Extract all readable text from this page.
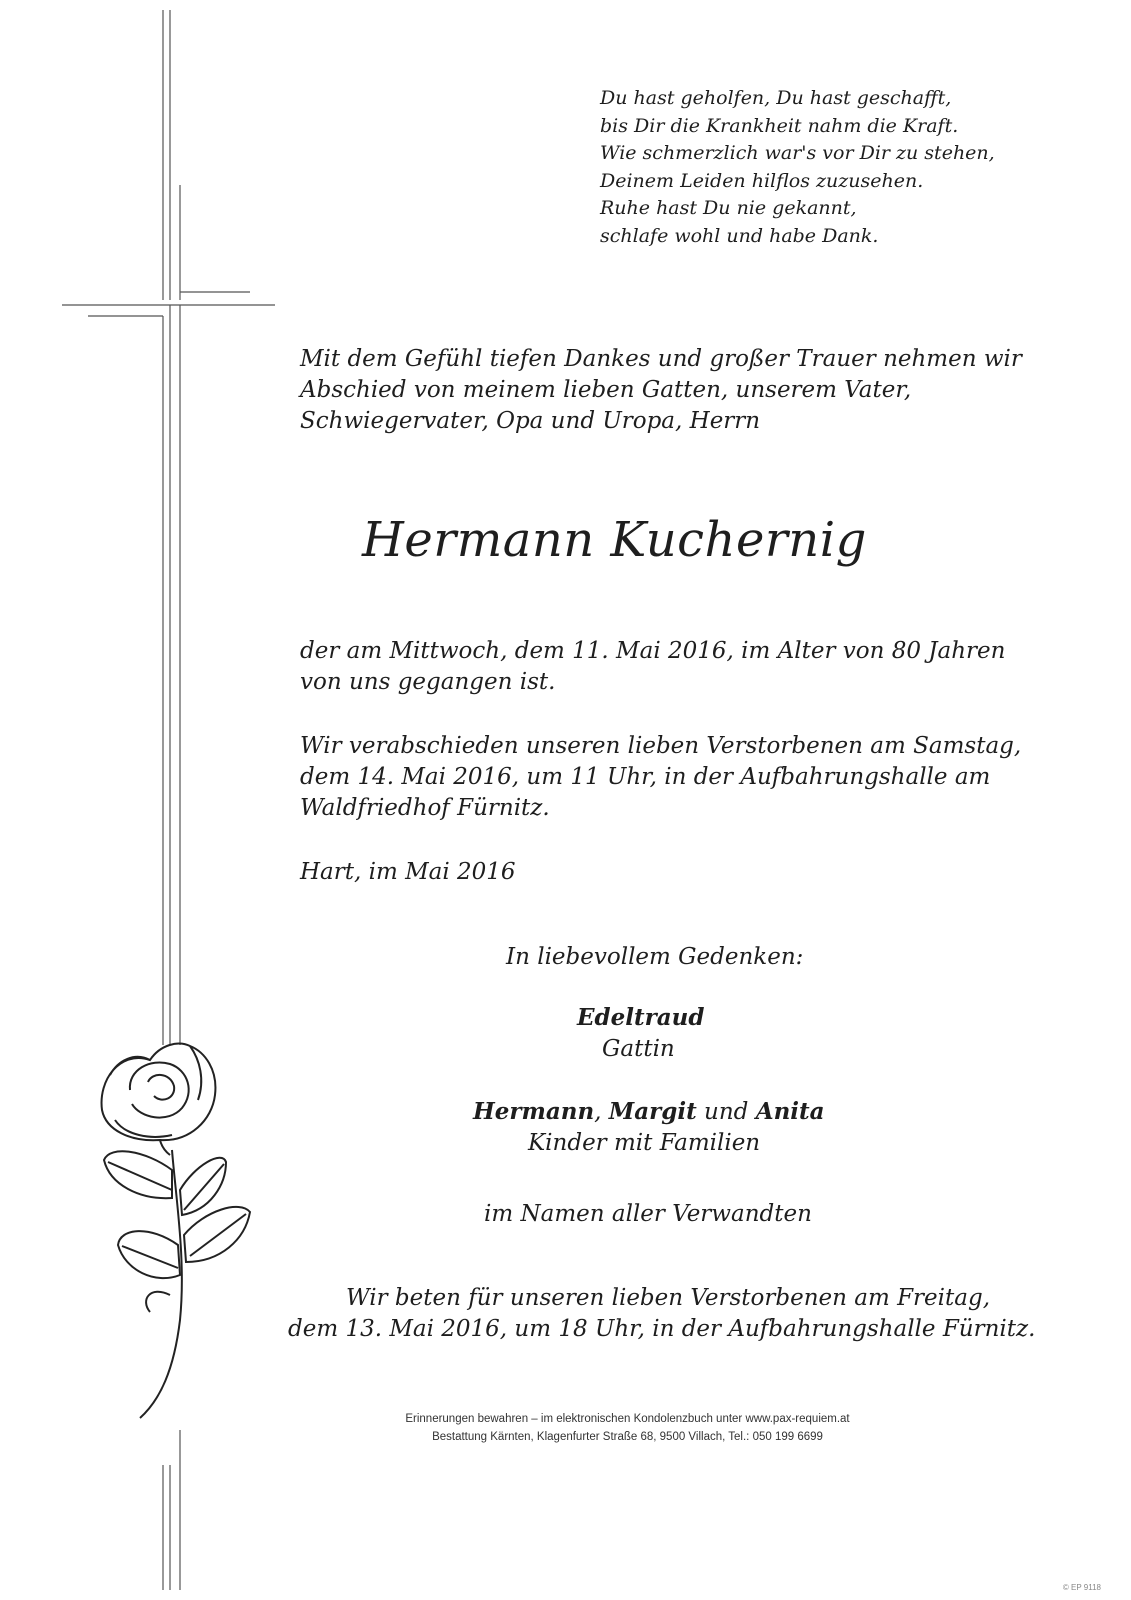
Du hast geholfen, Du hast geschafft,
bis Dir die Krankheit nahm die Kraft.
Wie schmerzlich war's vor Dir zu stehen,
Deinem Leiden hilflos zuzusehen.
Ruhe hast Du nie gekannt,
schlafe wohl und habe Dank.
Mit dem Gefühl tiefen Dankes und großer Trauer nehmen wir
Abschied von meinem lieben Gatten, unserem Vater,
Schwiegervater, Opa und Uropa, Herrn
Hermann Kuchernig
der am Mittwoch, dem 11. Mai 2016, im Alter von 80 Jahren
von uns gegangen ist.
Wir verabschieden unseren lieben Verstorbenen am Samstag,
dem 14. Mai 2016, um 11 Uhr, in der Aufbahrungshalle am
Waldfriedhof Fürnitz.
Hart, im Mai 2016
In liebevollem Gedenken:
Edeltraud
Gattin
Hermann, Margit und Anita
Kinder mit Familien
im Namen aller Verwandten
Wir beten für unseren lieben Verstorbenen am Freitag,
dem 13. Mai 2016, um 18 Uhr, in der Aufbahrungshalle Fürnitz.
Erinnerungen bewahren – im elektronischen Kondolenzbuch unter www.pax-requiem.at
Bestattung Kärnten, Klagenfurter Straße 68, 9500 Villach, Tel.: 050 199 6699
© EP 9118
